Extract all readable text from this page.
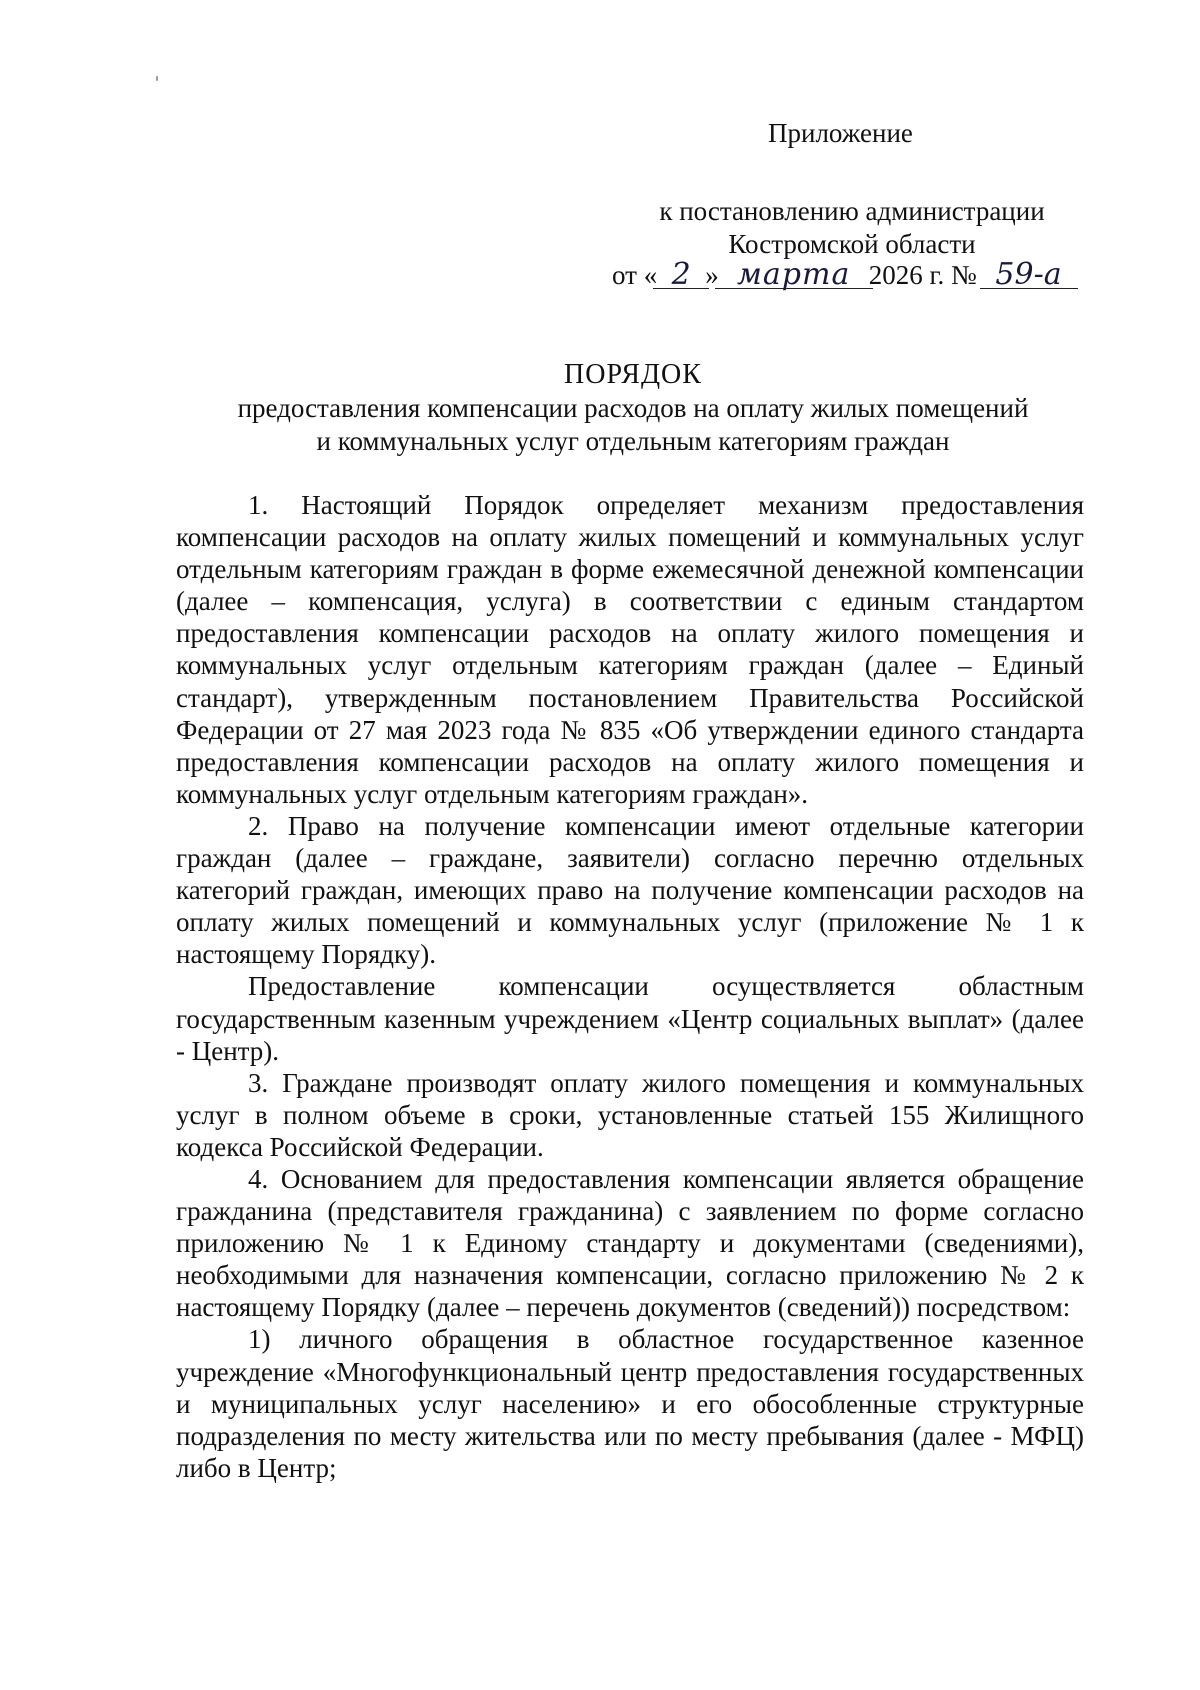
Приложение
к постановлению администрации
Костромской области
от « 2 » марта 2026 г. № 59-а
ПОРЯДОК
предоставления компенсации расходов на оплату жилых помещений
и коммунальных услуг отдельным категориям граждан

1. Настоящий Порядок определяет механизм предоставления компенсации расходов на оплату жилых помещений и коммунальных услуг отдельным категориям граждан в форме ежемесячной денежной компенсации (далее – компенсация, услуга) в соответствии с единым стандартом предоставления компенсации расходов на оплату жилого помещения и коммунальных услуг отдельным категориям граждан (далее – Единый стандарт), утвержденным постановлением Правительства Российской Федерации от 27 мая 2023 года № 835 «Об утверждении единого стандарта предоставления компенсации расходов на оплату жилого помещения и коммунальных услуг отдельным категориям граждан».

2. Право на получение компенсации имеют отдельные категории граждан (далее – граждане, заявители) согласно перечню отдельных категорий граждан, имеющих право на получение компенсации расходов на оплату жилых помещений и коммунальных услуг (приложение № 1 к настоящему Порядку).

Предоставление компенсации осуществляется областным государственным казенным учреждением «Центр социальных выплат» (далее - Центр).

3. Граждане производят оплату жилого помещения и коммунальных услуг в полном объеме в сроки, установленные статьей 155 Жилищного кодекса Российской Федерации.

4. Основанием для предоставления компенсации является обращение гражданина (представителя гражданина) с заявлением по форме согласно приложению № 1 к Единому стандарту и документами (сведениями), необходимыми для назначения компенсации, согласно приложению № 2 к настоящему Порядку (далее – перечень документов (сведений)) посредством:

1) личного обращения в областное государственное казенное учреждение «Многофункциональный центр предоставления государственных и муниципальных услуг населению» и его обособленные структурные подразделения по месту жительства или по месту пребывания (далее - МФЦ) либо в Центр;
